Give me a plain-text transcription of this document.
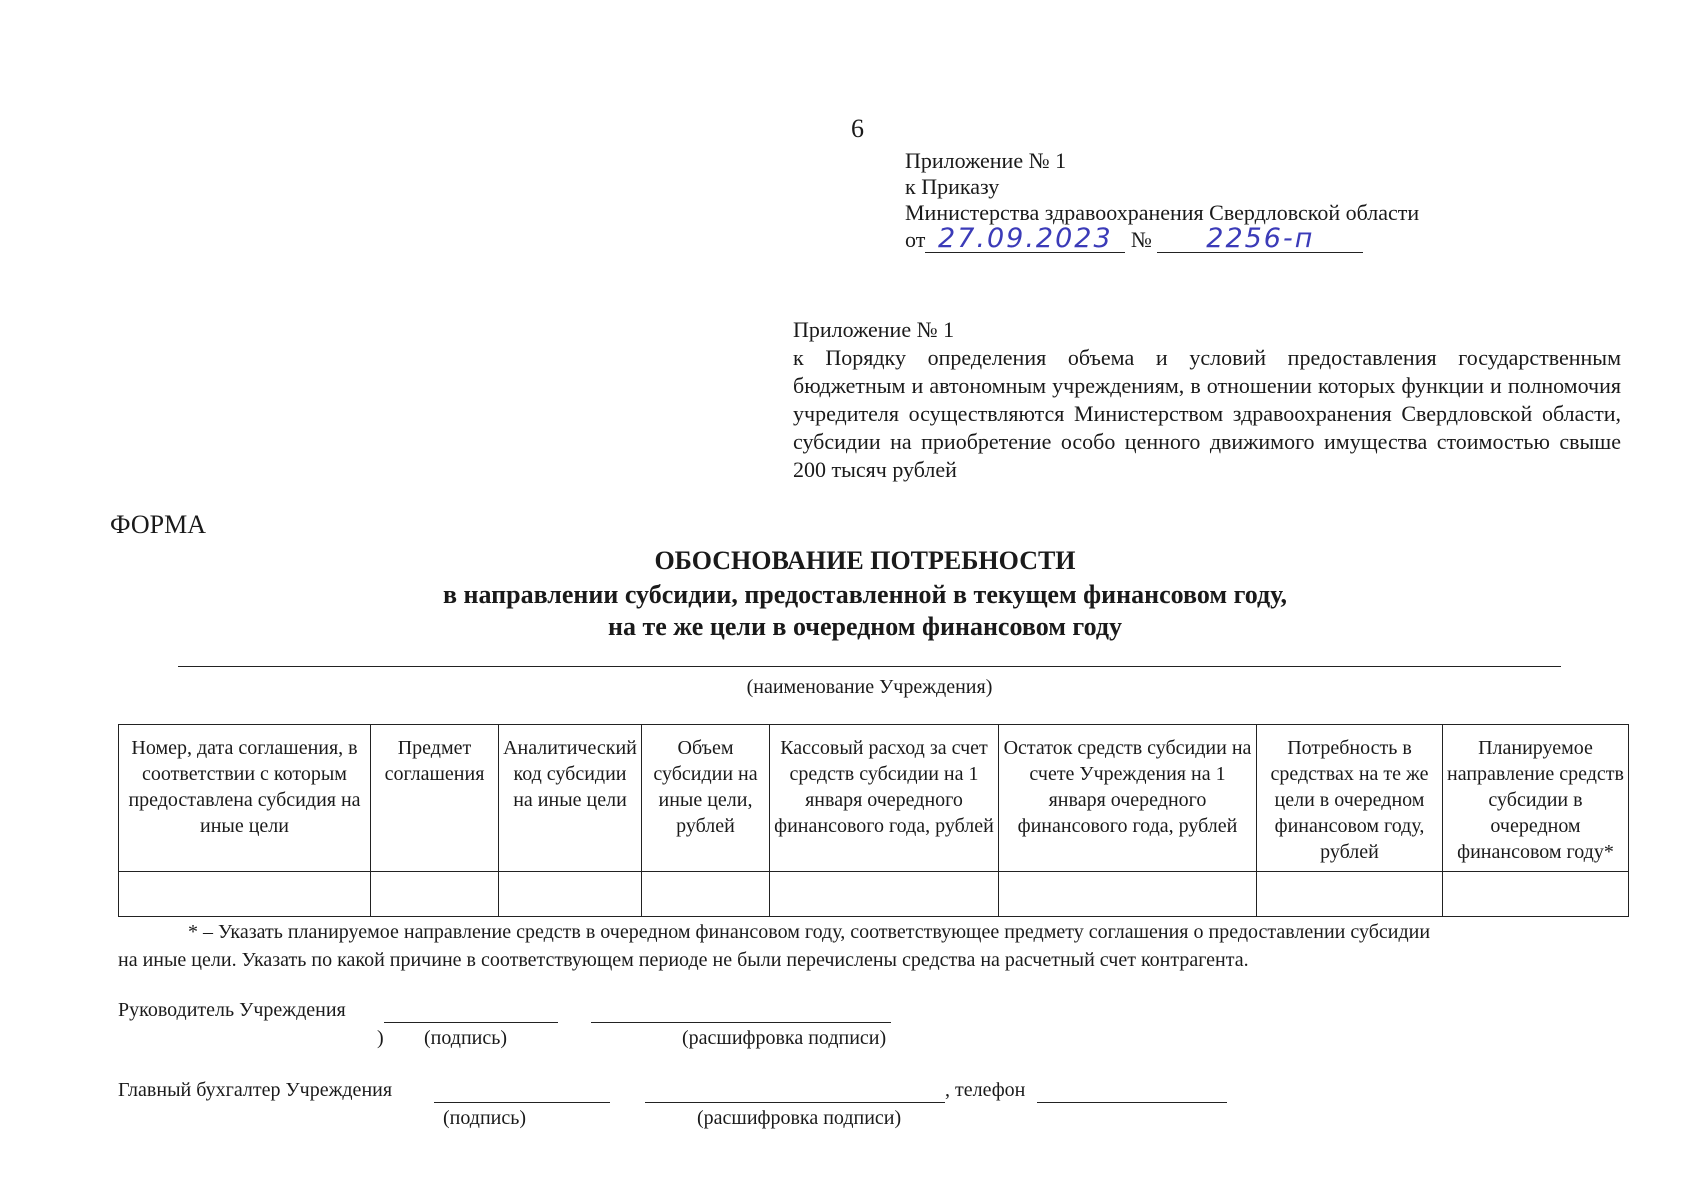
6
Приложение № 1
к Приказу
Министерства здравоохранения Свердловской области
от 27.09.2023 № 2256-п
Приложение № 1
к Порядку определения объема и условий предоставления государственным бюджетным и автономным учреждениям, в отношении которых функции и полномочия учредителя осуществляются Министерством здравоохранения Свердловской области, субсидии на приобретение особо ценного движимого имущества стоимостью свыше 200 тысяч рублей
ФОРМА
ОБОСНОВАНИЕ ПОТРЕБНОСТИ
в направлении субсидии, предоставленной в текущем финансовом году,
на те же цели в очередном финансовом году
(наименование Учреждения)
Номер, дата соглашения, в соответствии с которым предоставлена субсидия на иные цели	Предмет соглашения	Аналитический код субсидии на иные цели	Объем субсидии на иные цели, рублей	Кассовый расход за счет средств субсидии на 1 января очередного финансового года, рублей	Остаток средств субсидии на счете Учреждения на 1 января очередного финансового года, рублей	Потребность в средствах на те же цели в очередном финансовом году, рублей	Планируемое направление средств субсидии в очередном финансовом году*

* – Указать планируемое направление средств в очередном финансовом году, соответствующее предмету соглашения о предоставлении субсидии
на иные цели. Указать по какой причине в соответствующем периоде не были перечислены средства на расчетный счет контрагента.
Руководитель Учреждения
) (подпись)	(расшифровка подписи)
Главный бухгалтер Учреждения	, телефон
(подпись)	(расшифровка подписи)
